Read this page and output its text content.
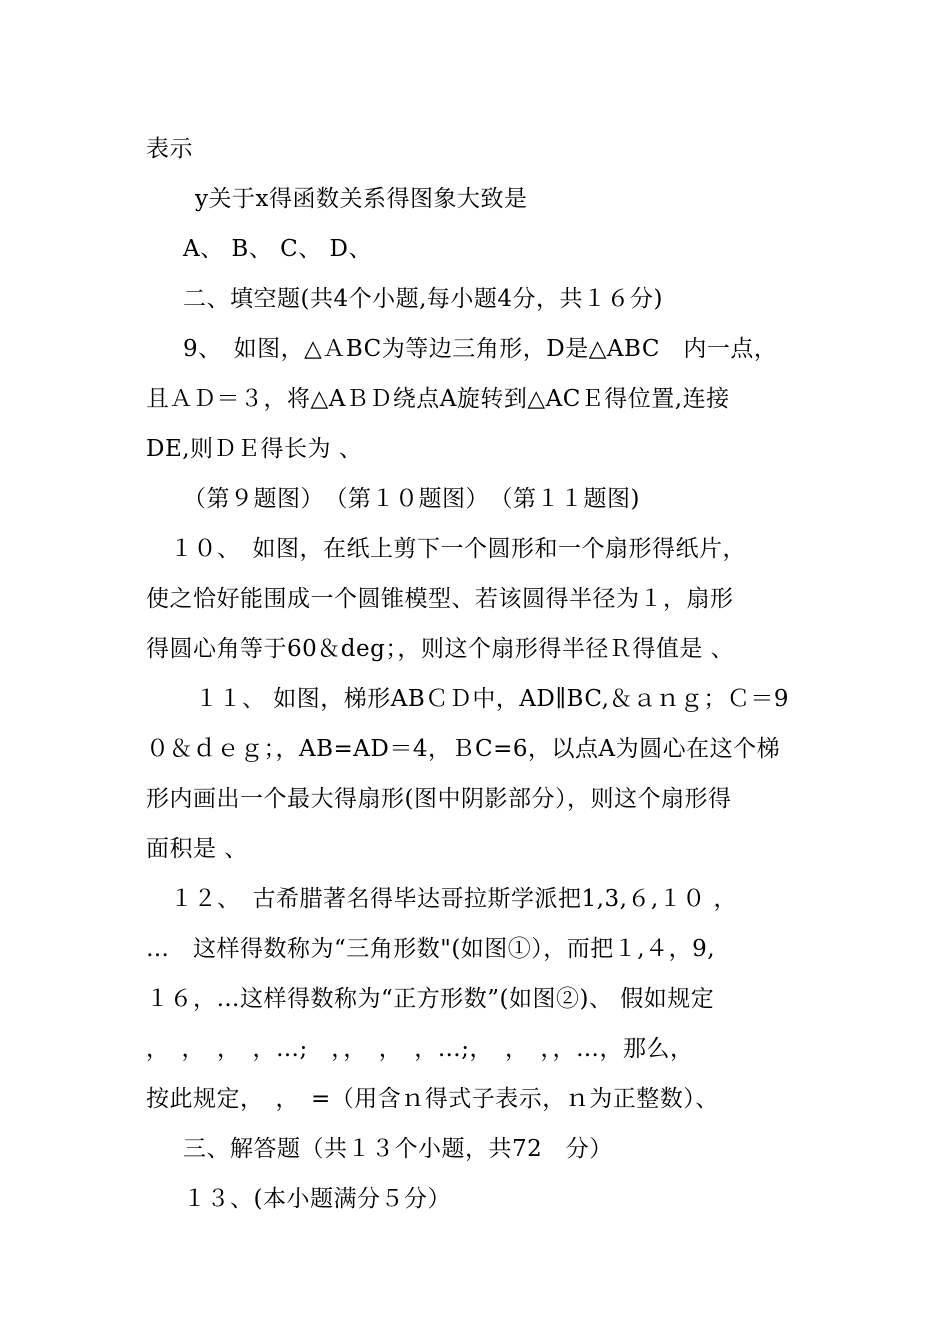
表示
y关于x得函数关系得图象大致是
A、 B、 C、 D、
二、填空题(共4个小题,每小题4分，共１６分)
9、　如图，△ＡBC为等边三角形，D是△ABC　内一点，
且ＡＤ＝３，将△AＢＤ绕点A旋转到△ACＥ得位置,连接
DE,则ＤＥ得长为 、
（第９题图）　（第１０题图）　（第１１题图)
１０、　如图，在纸上剪下一个圆形和一个扇形得纸片，
使之恰好能围成一个圆锥模型、若该圆得半径为１，扇形
得圆心角等于60＆deg；，则这个扇形得半径Ｒ得值是 、
１１、 如图，梯形ABＣＤ中，AD∥BC,＆ａｎｇ；Ｃ＝9
０＆ｄｅｇ；，AB=AD＝4，ＢC=6，以点A为圆心在这个梯
形内画出一个最大得扇形(图中阴影部分），则这个扇形得
面积是 、
１２、　古希腊著名得毕达哥拉斯学派把1,3,６,１０ ，
…　这样得数称为“三角形数"(如图①），而把１,４，9,
１６，…这样得数称为“正方形数”(如图②)、 假如规定
，　，　，　，…;　，，　，　，…;，　，　，，…，那么，
按此规定，　，　=（用含ｎ得式子表示，ｎ为正整数）、
三、解答题（共１３个小题，共72　分）
１３、(本小题满分５分）
